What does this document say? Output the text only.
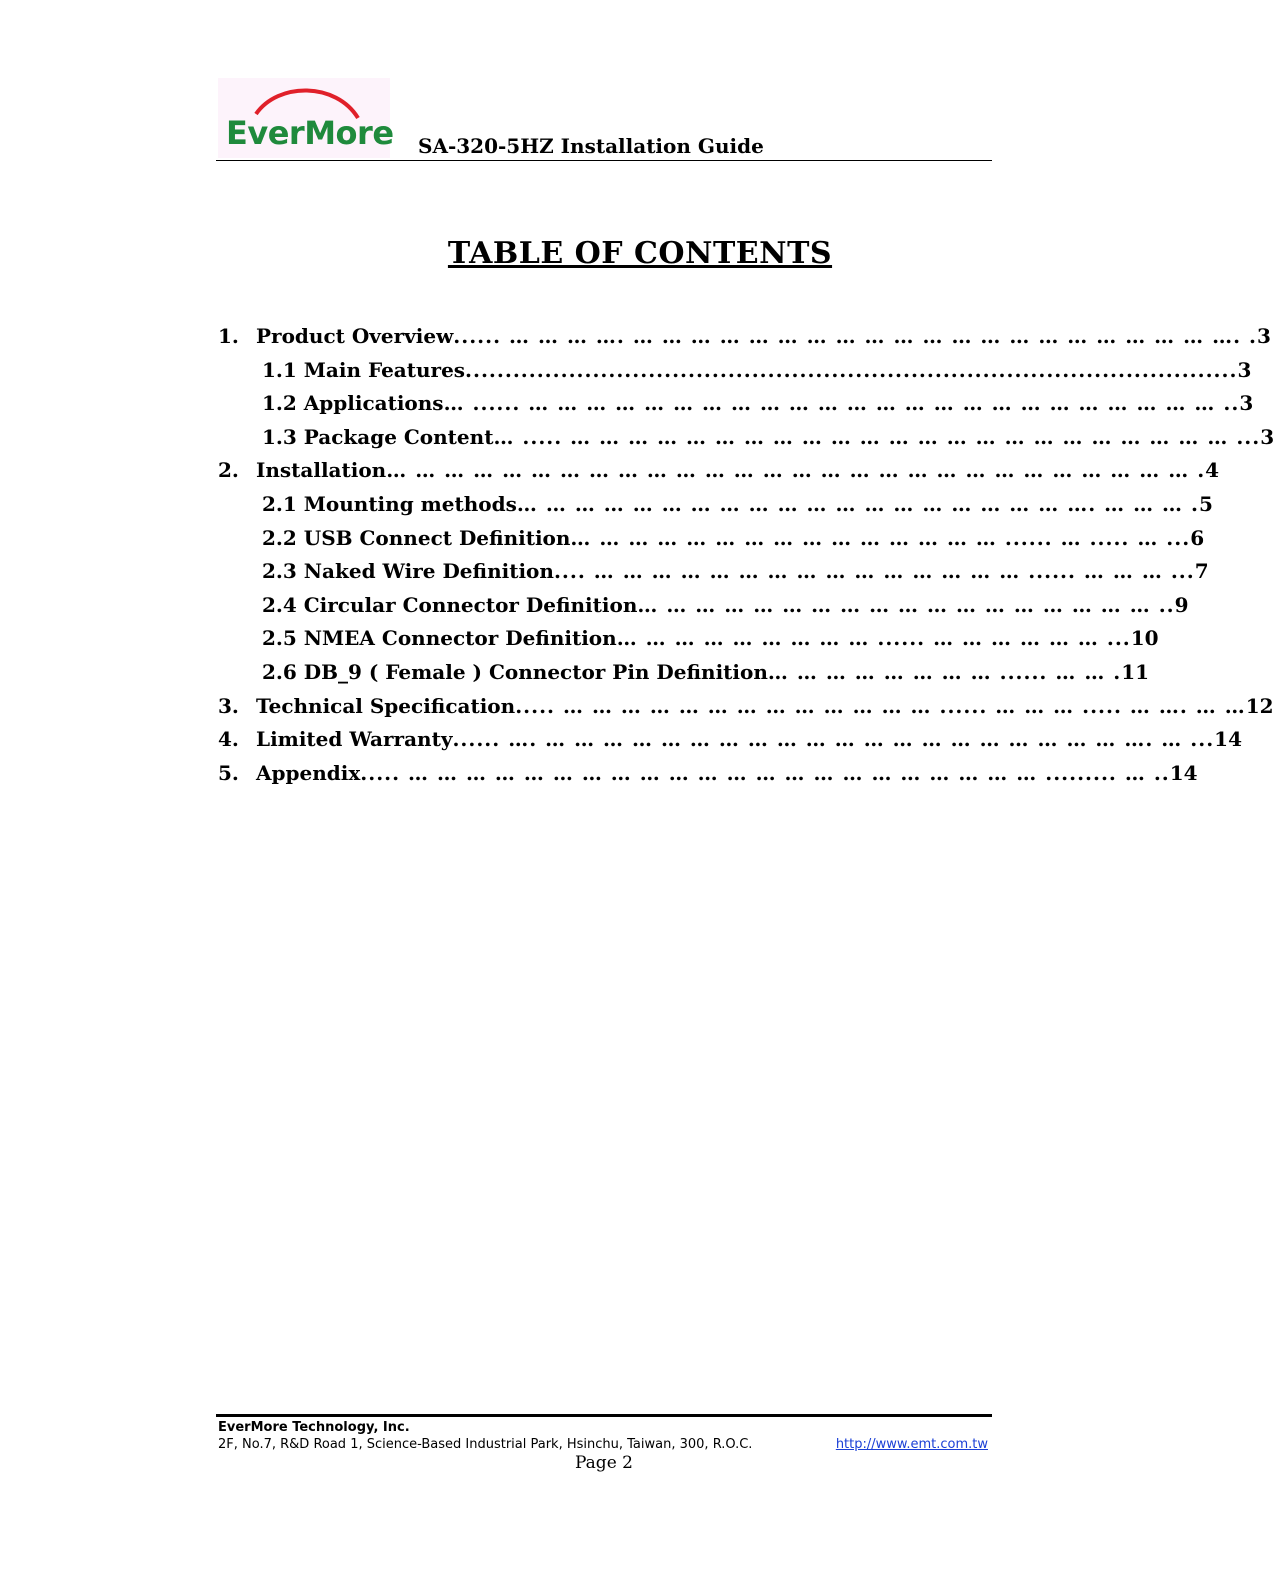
EverMore SA-320-5HZ Installation Guide
TABLE OF CONTENTS
1. Product Overview ...... … … … …. … … … … … … … … … … … … … … … … … … … … …. . 3
1.1 Main Features ................................................................................................. 3
1.2 Applications … ...... … … … … … … … … … … … … … … … … … … … … … … … … .. 3
1.3 Package Content … ..... … … … … … … … … … … … … … … … … … … … … … … … ... 3
2. Installation … … … … … … … … … … … … … … … … … … … … … … … … … … … … . 4
2.1 Mounting methods … … … … … … … … … … … … … … … … … … … …. … … … . 5
2.2 USB Connect Definition … … … … … … … … … … … … … … … ...... … ..... … ... 6
2.3 Naked Wire Definition .... … … … … … … … … … … … … … … … ...... … … … ... 7
2.4 Circular Connector Definition … … … … … … … … … … … … … … … … … … .. 9
2.5 NMEA Connector Definition … … … … … … … … … ...... … … … … … … ... 10
2.6 DB_9 ( Female ) Connector Pin Definition … … … … … … … … ...... … … . 11
3. Technical Specification ..... … … … … … … … … … … … … … ...... … … … ..... … …. … … 12
4. Limited Warranty ...... …. … … … … … … … … … … … … … … … … … … … … …. … ... 14
5. Appendix ..... … … … … … … … … … … … … … … … … … … … … … … ......... … .. 14
EverMore Technology, Inc.
2F, No.7, R&D Road 1, Science-Based Industrial Park, Hsinchu, Taiwan, 300, R.O.C.	http://www.emt.com.tw
Page 2
